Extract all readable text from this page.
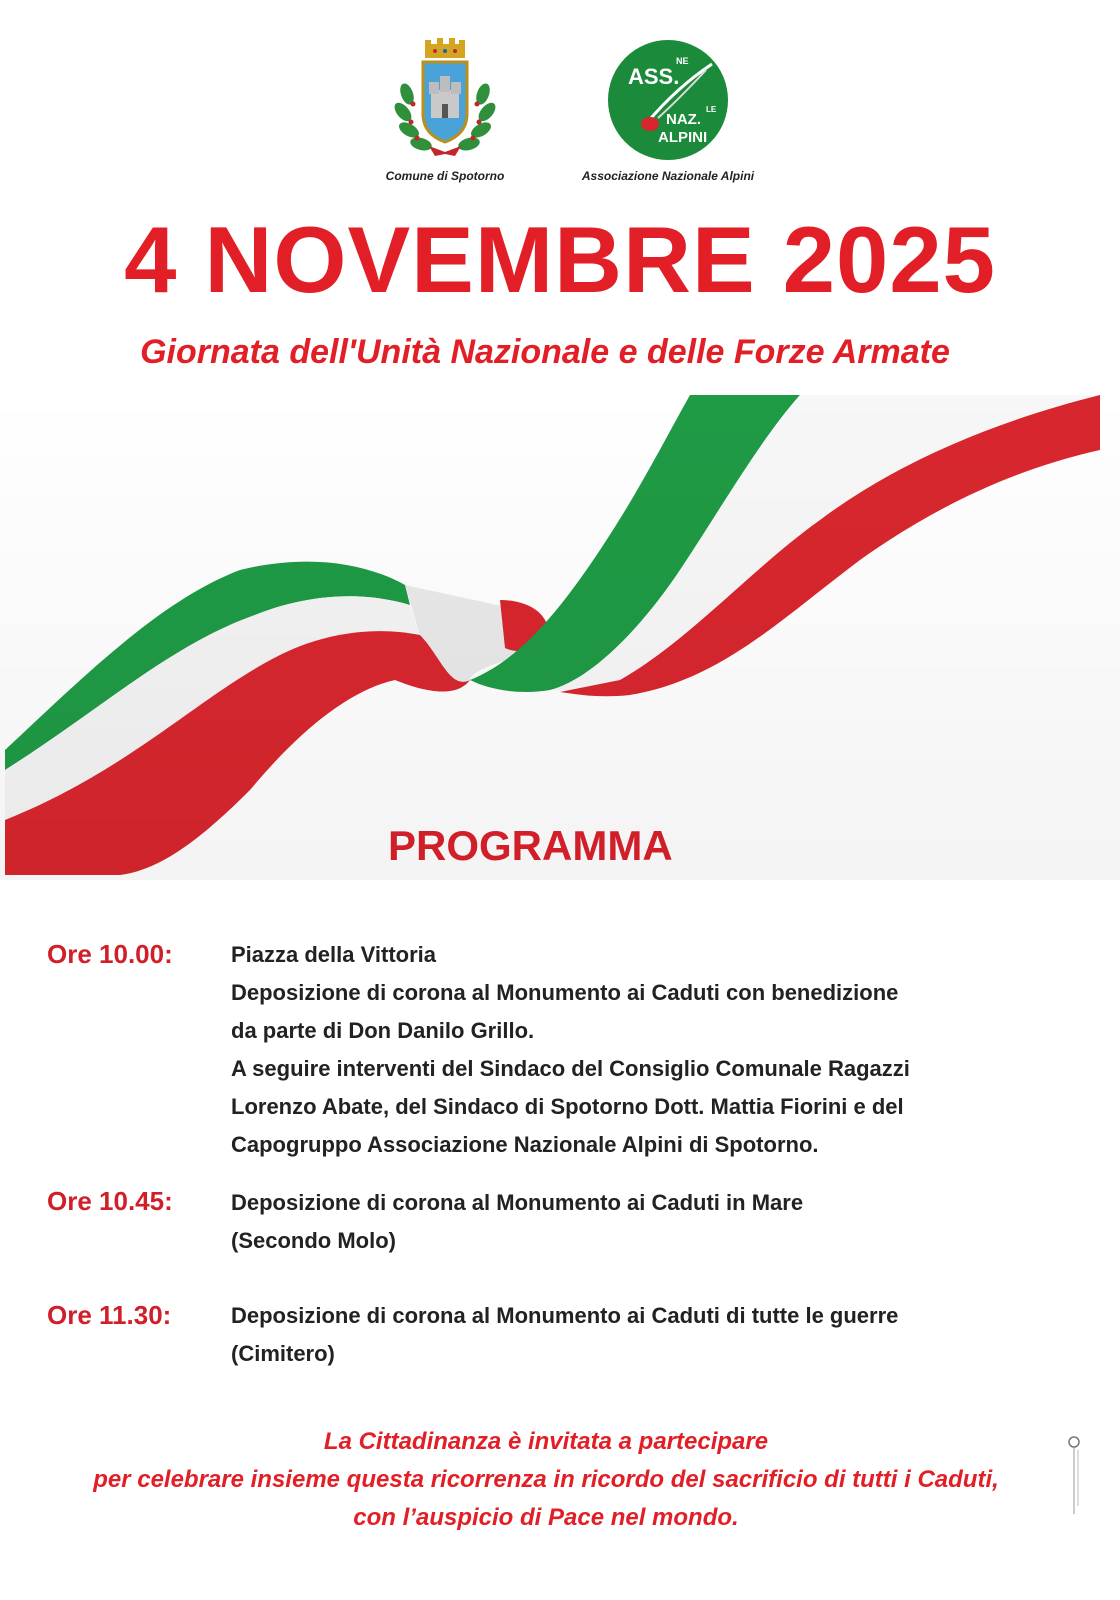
Comune di Spotorno
ASS.
NE
NAZ.
LE
ALPINI
Associazione Nazionale Alpini
4 NOVEMBRE 2025
Giornata dell'Unità Nazionale e delle Forze Armate
PROGRAMMA
Ore 10.00:	Piazza della Vittoria
Deposizione di corona al Monumento ai Caduti con benedizione
da parte di Don Danilo Grillo.
A seguire interventi del Sindaco del Consiglio Comunale Ragazzi
Lorenzo Abate, del Sindaco di Spotorno Dott. Mattia Fiorini e del
Capogruppo Associazione Nazionale Alpini di Spotorno.
Ore 10.45:	Deposizione di corona al Monumento ai Caduti in Mare
(Secondo Molo)
Ore 11.30:	Deposizione di corona al Monumento ai Caduti di tutte le guerre
(Cimitero)
La Cittadinanza è invitata a partecipare
per celebrare insieme questa ricorrenza in ricordo del sacrificio di tutti i Caduti,
con l’auspicio di Pace nel mondo.
